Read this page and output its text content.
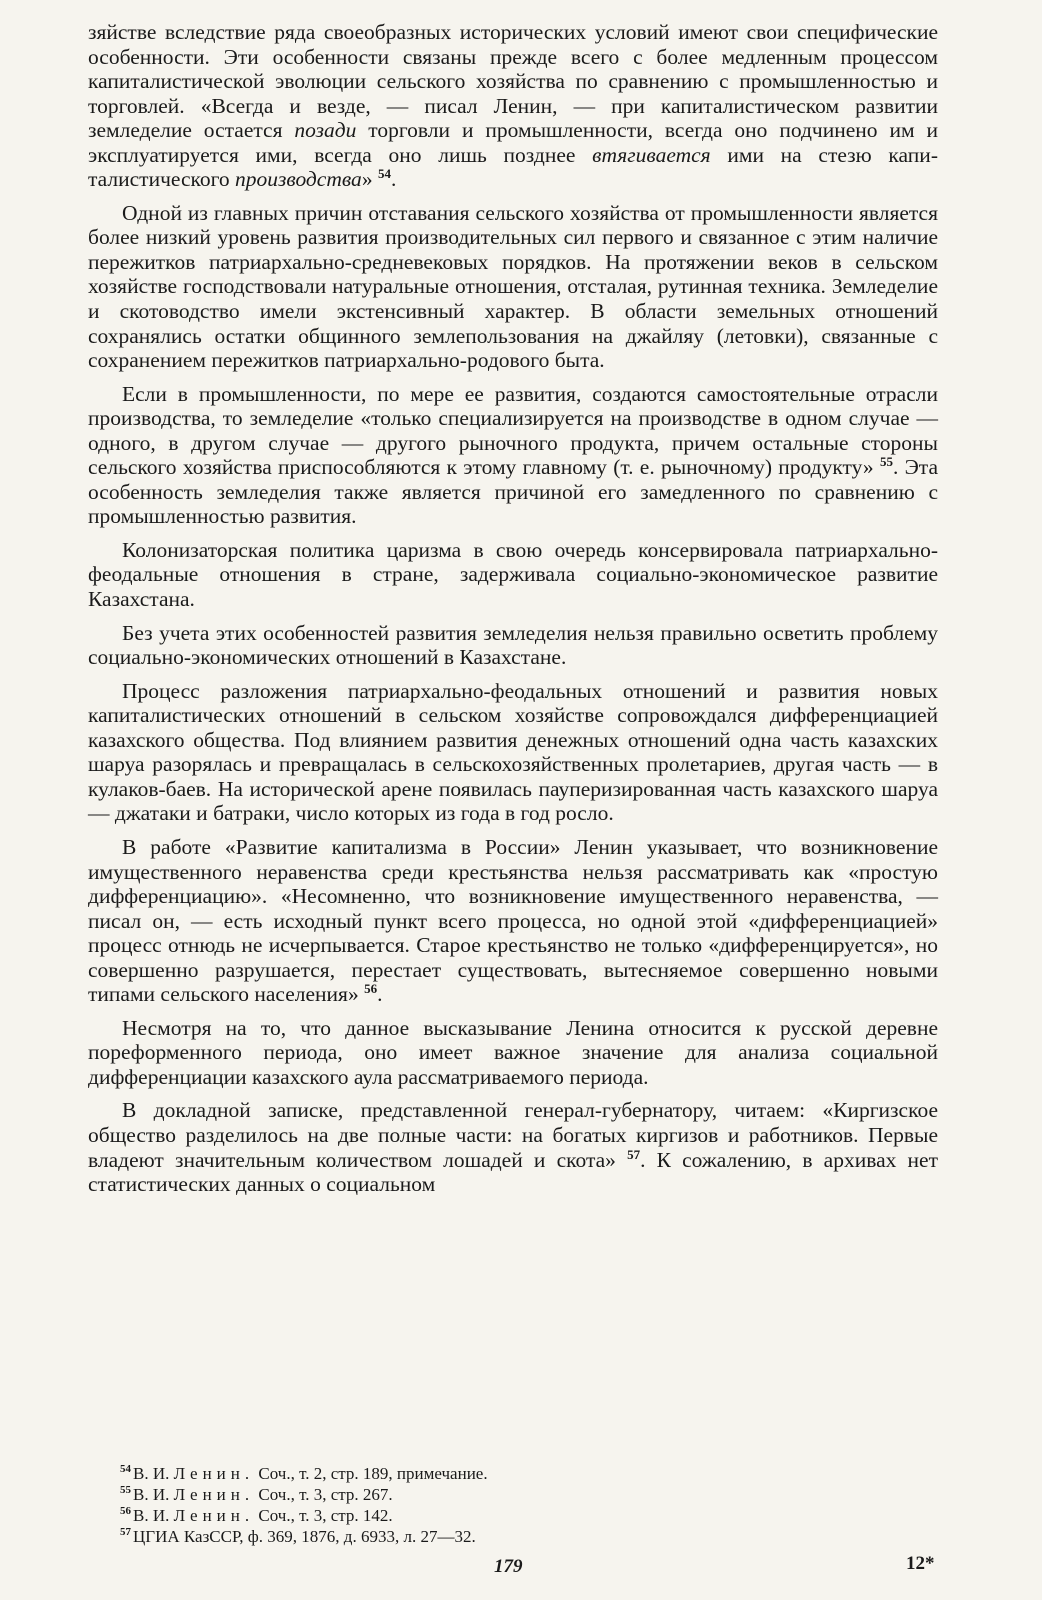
зяйстве вследствие ряда своеобразных исторических условий имеют свои специфические особенности. Эти особенности связаны прежде всего с более медленным процессом капиталистической эволюции сельского хозяйства по сравнению с промышленностью и торговлей. «Всегда и везде, — писал Ленин, — при капиталистическом развитии земледелие остается позади торговли и промышленности, всегда оно подчинено им и эксплуатируется ими, всегда оно лишь позднее втягивается ими на стезю капиталистического производства» $^{54}$.

Одной из главных причин отставания сельского хозяйства от промышленности является более низкий уровень развития производительных сил первого и связанное с этим наличие пережитков патриархально-средневековых порядков. На протяжении веков в сельском хозяйстве господствовали натуральные отношения, отсталая, рутинная техника. Земледелие и скотоводство имели экстенсивный характер. В области земельных отношений сохранялись остатки общинного землепользования на джайляу (летовки), связанные с сохранением пережитков патриархально-родового быта.

Если в промышленности, по мере ее развития, создаются самостоятельные отрасли производства, то земледелие «только специализируется на производстве в одном случае — одного, в другом случае — другого рыночного продукта, причем остальные стороны сельского хозяйства приспособляются к этому главному (т. е. рыночному) продукту» $^{55}$. Эта особенность земледелия также является причиной его замедленного по сравнению с промышленностью развития.

Колонизаторская политика царизма в свою очередь консервировала патриархально-феодальные отношения в стране, задерживала социально-экономическое развитие Казахстана.

Без учета этих особенностей развития земледелия нельзя правильно осветить проблему социально-экономических отношений в Казахстане.

Процесс разложения патриархально-феодальных отношений и развития новых капиталистических отношений в сельском хозяйстве сопровождался дифференциацией казахского общества. Под влиянием развития денежных отношений одна часть казахских шаруа разорялась и превращалась в сельскохозяйственных пролетариев, другая часть — в кулаков-баев. На исторической арене появилась пауперизированная часть казахского шаруа — джатаки и батраки, число которых из года в год росло.

В работе «Развитие капитализма в России» Ленин указывает, что возникновение имущественного неравенства среди крестьянства нельзя рассматривать как «простую дифференциацию». «Несомненно, что возникновение имущественного неравенства, — писал он, — есть исходный пункт всего процесса, но одной этой «дифференциацией» процесс отнюдь не исчерпывается. Старое крестьянство не только «дифференцируется», но совершенно разрушается, перестает существовать, вытесняемое совершенно новыми типами сельского населения» $^{56}$.

Несмотря на то, что данное высказывание Ленина относится к русской деревне пореформенного периода, оно имеет важное значение для анализа социальной дифференциации казахского аула рассматриваемого периода.

В докладной записке, представленной генерал-губернатору, читаем: «Киргизское общество разделилось на две полные части: на богатых киргизов и работников. Первые владеют значительным количеством лошадей и скота» $^{57}$. К сожалению, в архивах нет статистических данных о социальном

$^{54}$ В. И. Ленин. Соч., т. 2, стр. 189, примечание.
$^{55}$ В. И. Ленин. Соч., т. 3, стр. 267.
$^{56}$ В. И. Ленин. Соч., т. 3, стр. 142.
$^{57}$ ЦГИА КазССР, ф. 369, 1876, д. 6933, л. 27—32.
179	12*
